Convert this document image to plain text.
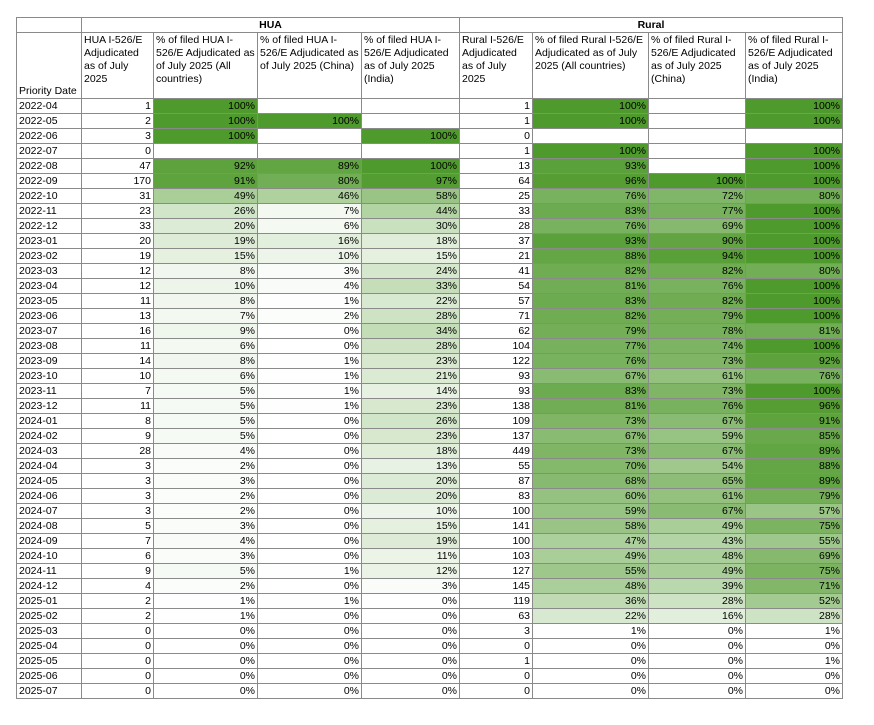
	HUA				Rural			
Priority Date	HUA I-526/E Adjudicated as of July 2025	% of filed HUA I-526/E Adjudicated as of July 2025 (All countries)	% of filed HUA I-526/E Adjudicated as of July 2025 (China)	% of filed HUA I-526/E Adjudicated as of July 2025 (India)	Rural I-526/E Adjudicated as of July 2025	% of filed Rural I-526/E Adjudicated as of July 2025 (All countries)	% of filed Rural I-526/E Adjudicated as of July 2025 (China)	% of filed Rural I-526/E Adjudicated as of July 2025 (India)
2022-04	1	100%			1	100%		100%
2022-05	2	100%	100%		1	100%		100%
2022-06	3	100%		100%	0			
2022-07	0				1	100%		100%
2022-08	47	92%	89%	100%	13	93%		100%
2022-09	170	91%	80%	97%	64	96%	100%	100%
2022-10	31	49%	46%	58%	25	76%	72%	80%
2022-11	23	26%	7%	44%	33	83%	77%	100%
2022-12	33	20%	6%	30%	28	76%	69%	100%
2023-01	20	19%	16%	18%	37	93%	90%	100%
2023-02	19	15%	10%	15%	21	88%	94%	100%
2023-03	12	8%	3%	24%	41	82%	82%	80%
2023-04	12	10%	4%	33%	54	81%	76%	100%
2023-05	11	8%	1%	22%	57	83%	82%	100%
2023-06	13	7%	2%	28%	71	82%	79%	100%
2023-07	16	9%	0%	34%	62	79%	78%	81%
2023-08	11	6%	0%	28%	104	77%	74%	100%
2023-09	14	8%	1%	23%	122	76%	73%	92%
2023-10	10	6%	1%	21%	93	67%	61%	76%
2023-11	7	5%	1%	14%	93	83%	73%	100%
2023-12	11	5%	1%	23%	138	81%	76%	96%
2024-01	8	5%	0%	26%	109	73%	67%	91%
2024-02	9	5%	0%	23%	137	67%	59%	85%
2024-03	28	4%	0%	18%	449	73%	67%	89%
2024-04	3	2%	0%	13%	55	70%	54%	88%
2024-05	3	3%	0%	20%	87	68%	65%	89%
2024-06	3	2%	0%	20%	83	60%	61%	79%
2024-07	3	2%	0%	10%	100	59%	67%	57%
2024-08	5	3%	0%	15%	141	58%	49%	75%
2024-09	7	4%	0%	19%	100	47%	43%	55%
2024-10	6	3%	0%	11%	103	49%	48%	69%
2024-11	9	5%	1%	12%	127	55%	49%	75%
2024-12	4	2%	0%	3%	145	48%	39%	71%
2025-01	2	1%	1%	0%	119	36%	28%	52%
2025-02	2	1%	0%	0%	63	22%	16%	28%
2025-03	0	0%	0%	0%	3	1%	0%	1%
2025-04	0	0%	0%	0%	0	0%	0%	0%
2025-05	0	0%	0%	0%	1	0%	0%	1%
2025-06	0	0%	0%	0%	0	0%	0%	0%
2025-07	0	0%	0%	0%	0	0%	0%	0%
